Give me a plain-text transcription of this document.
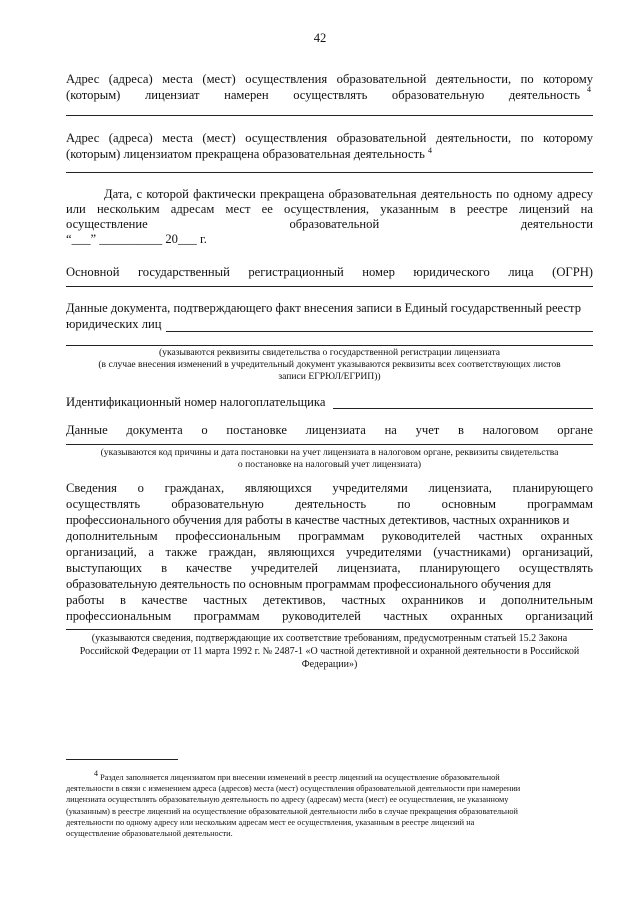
42
Адрес (адреса) места (мест) осуществления образовательной деятельности, по которому
(которым) лицензиат намерен осуществлять образовательную деятельность 4
Адрес (адреса) места (мест) осуществления образовательной деятельности, по которому
(которым) лицензиатом прекращена образовательная деятельность $^4$
Дата, с которой фактически прекращена образовательная деятельность по одному адресу
или нескольким адресам мест ее осуществления, указанным в реестре лицензий на
осуществление образовательной деятельности
“___” __________ 20___ г.
Основной государственный регистрационный номер юридического лица (ОГРН)
Данные документа, подтверждающего факт внесения записи в Единый государственный реестр
юридических лиц
(указываются реквизиты свидетельства о государственной регистрации лицензиата
(в случае внесения изменений в учредительный документ указываются реквизиты всех соответствующих листов
записи ЕГРЮЛ/ЕГРИП))
Идентификационный номер налогоплательщика
Данные документа о постановке лицензиата на учет в налоговом органе
(указываются код причины и дата постановки на учет лицензиата в налоговом органе, реквизиты свидетельства
о постановке на налоговый учет лицензиата)
Сведения о гражданах, являющихся учредителями лицензиата, планирующего
осуществлять образовательную деятельность по основным программам
профессионального обучения для работы в качестве частных детективов, частных охранников и
дополнительным профессиональным программам руководителей частных охранных
организаций, а также граждан, являющихся учредителями (участниками) организаций,
выступающих в качестве учредителей лицензиата, планирующего осуществлять
образовательную деятельность по основным программам профессионального обучения для
работы в качестве частных детективов, частных охранников и дополнительным
профессиональным программам руководителей частных охранных организаций
(указываются сведения, подтверждающие их соответствие требованиям, предусмотренным статьей 15.2 Закона
Российской Федерации от 11 марта 1992 г. № 2487-1 «О частной детективной и охранной деятельности в Российской
Федерации»)
$^4$ Раздел заполняется лицензиатом при внесении изменений в реестр лицензий на осуществление образовательной
деятельности в связи с изменением адреса (адресов) места (мест) осуществления образовательной деятельности при намерении
лицензиата осуществлять образовательную деятельность по адресу (адресам) места (мест) ее осуществления, не указанному
(указанным) в реестре лицензий на осуществление образовательной деятельности либо в случае прекращения образовательной
деятельности по одному адресу или нескольким адресам мест ее осуществления, указанным в реестре лицензий на
осуществление образовательной деятельности.
